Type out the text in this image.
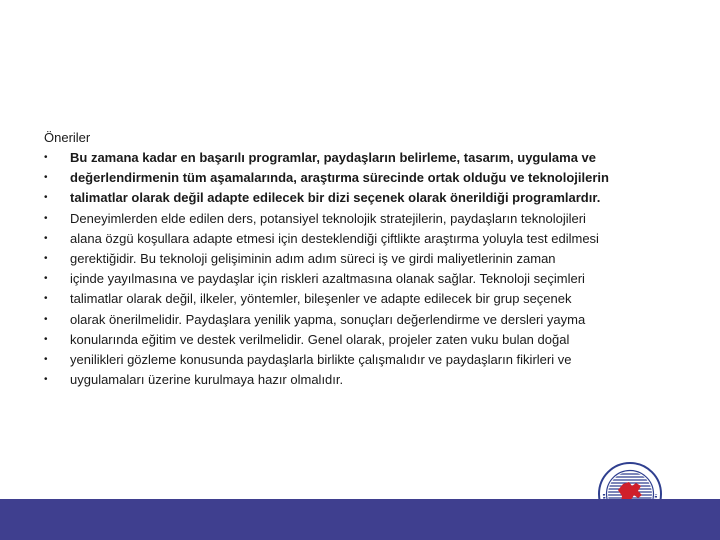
Öneriler
• Bu zamana kadar en başarılı programlar, paydaşların belirleme, tasarım, uygulama ve
• değerlendirmenin tüm aşamalarında, araştırma sürecinde ortak olduğu ve teknolojilerin
• talimatlar olarak değil adapte edilecek bir dizi seçenek olarak önerildiği programlardır.
• Deneyimlerden elde edilen ders, potansiyel teknolojik stratejilerin, paydaşların teknolojileri
• alana özgü koşullara adapte etmesi için desteklendiği çiftlikte araştırma yoluyla test edilmesi
• gerektiğidir. Bu teknoloji gelişiminin adım adım süreci iş ve girdi maliyetlerinin zaman
• içinde yayılmasına ve paydaşlar için riskleri azaltmasına olanak sağlar. Teknoloji seçimleri
• talimatlar olarak değil, ilkeler, yöntemler, bileşenler ve adapte edilecek bir grup seçenek
• olarak önerilmelidir. Paydaşlara yenilik yapma, sonuçları değerlendirme ve dersleri yayma
• konularında eğitim ve destek verilmelidir. Genel olarak, projeler zaten vuku bulan doğal
• yenilikleri gözleme konusunda paydaşlarla birlikte çalışmalıdır ve paydaşların fikirleri ve
• uygulamaları üzerine kurulmaya hazır olmalıdır.
